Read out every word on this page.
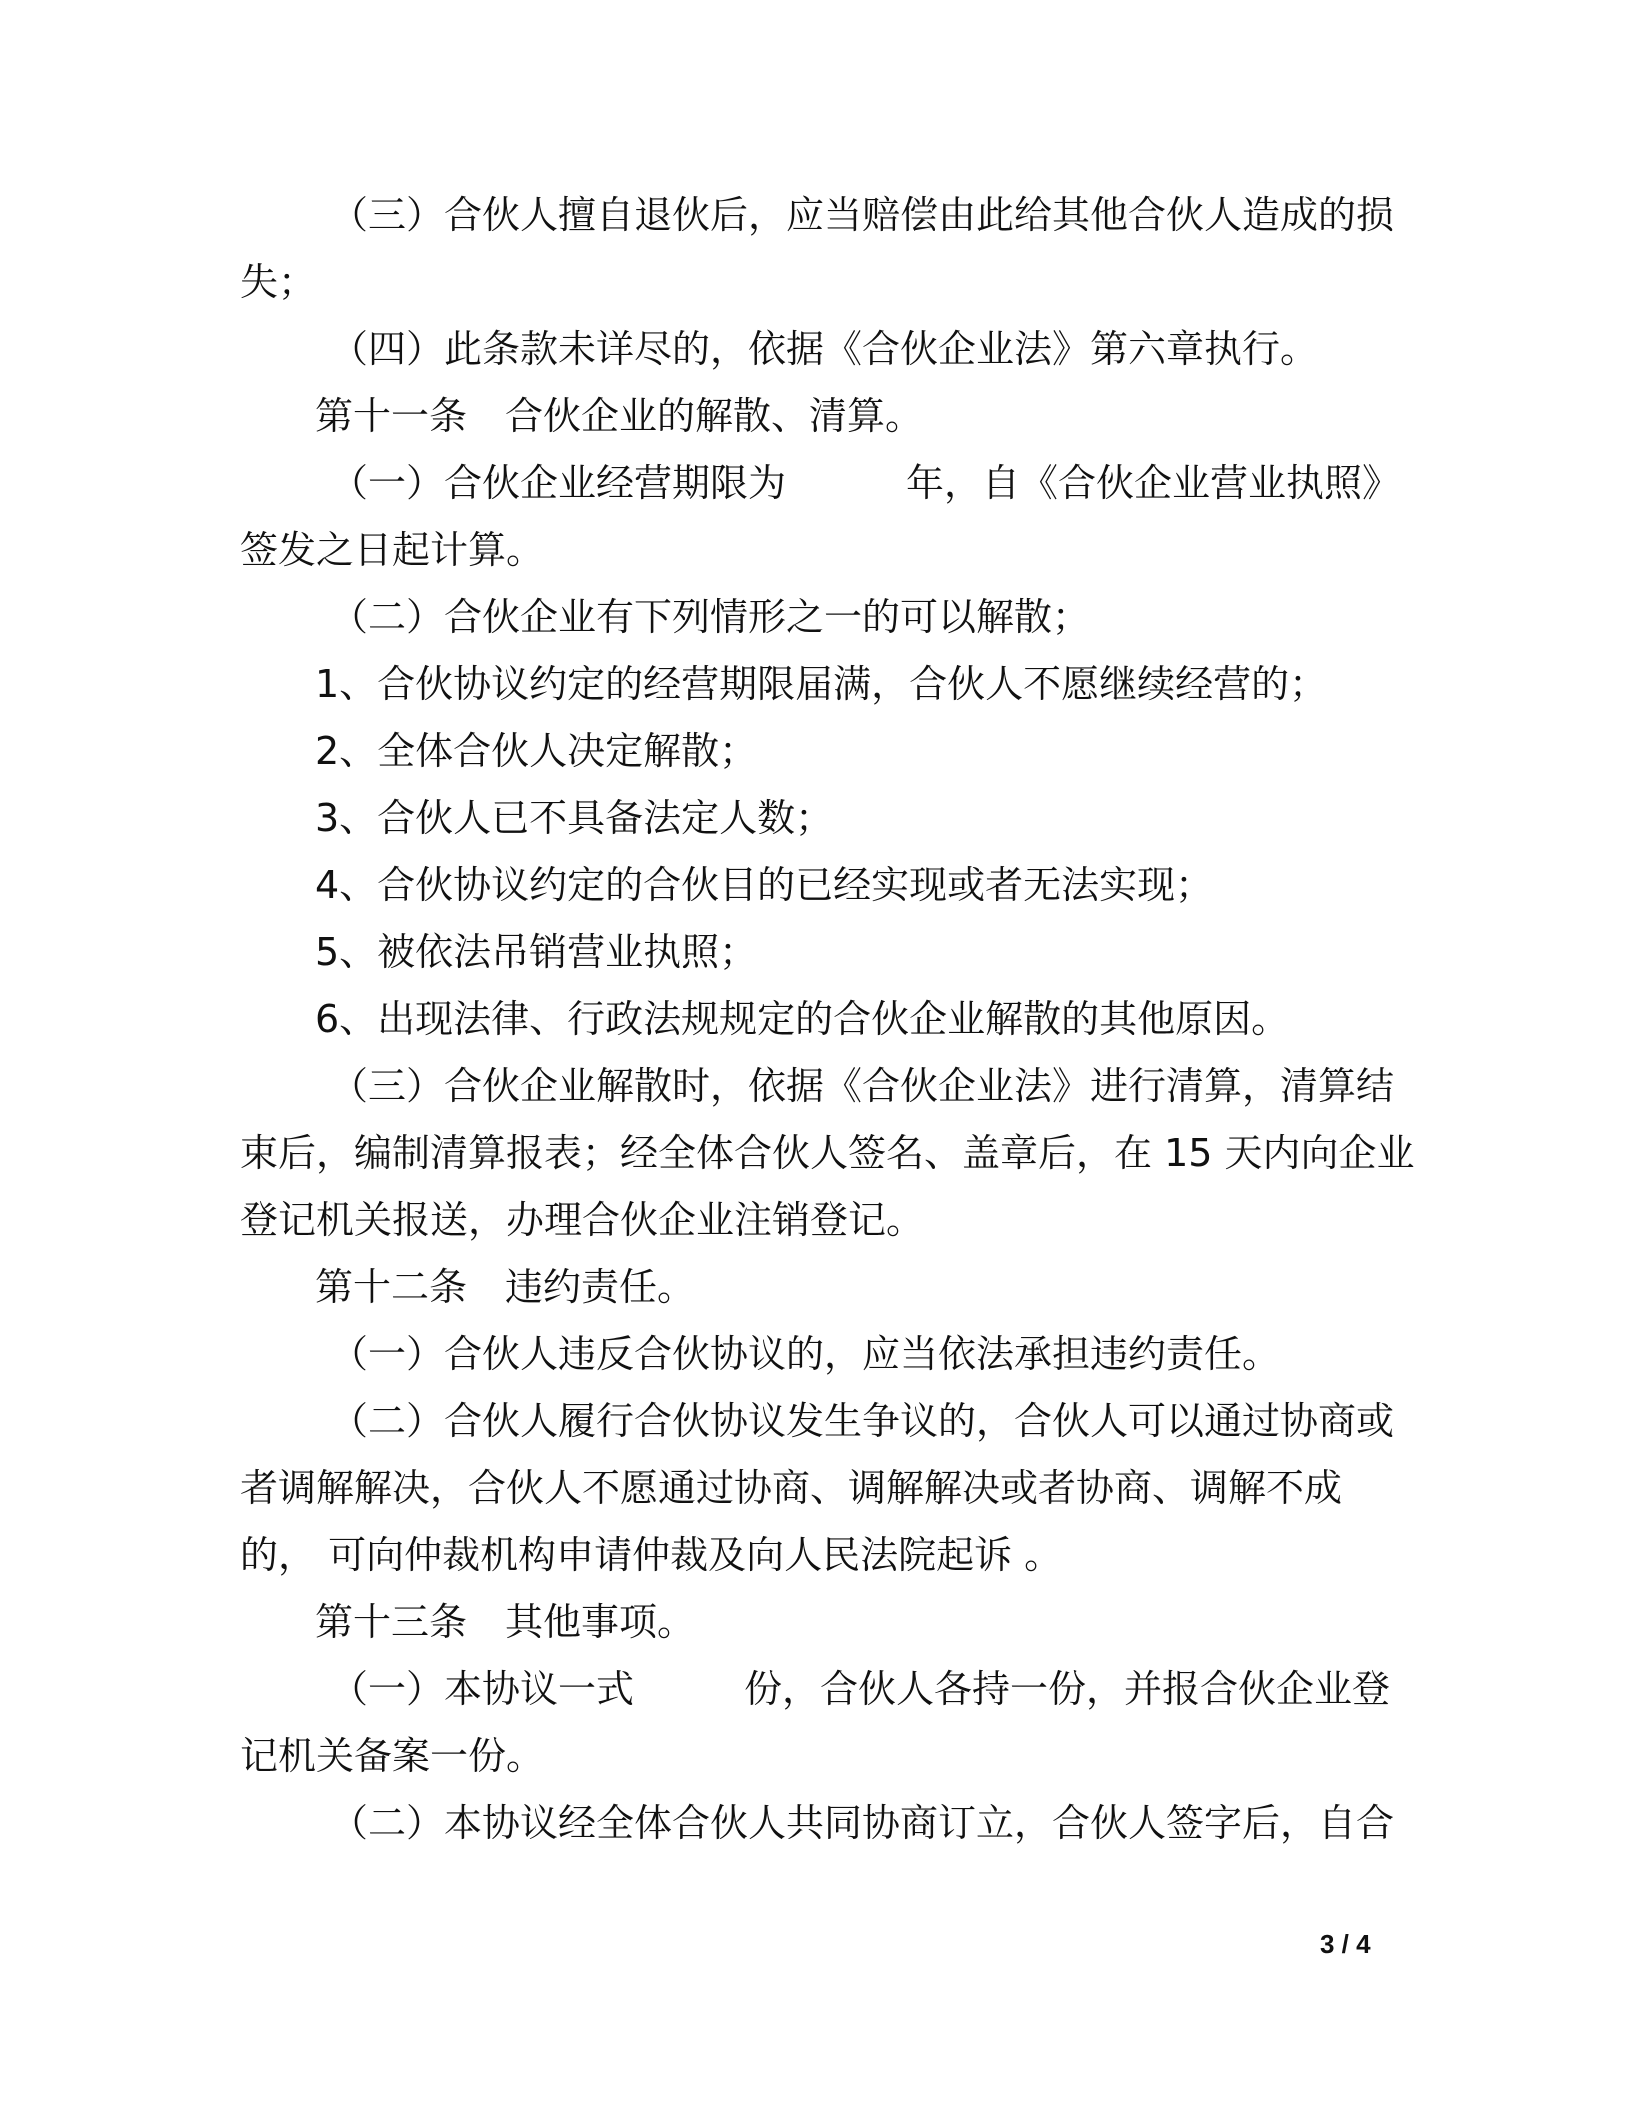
（三）合伙人擅自退伙后，应当赔偿由此给其他合伙人造成的损
失；
（四）此条款未详尽的，依据《合伙企业法》第六章执行。
第十一条 合伙企业的解散、清算。
（一）合伙企业经营期限为	年，自《合伙企业营业执照》
签发之日起计算。
（二）合伙企业有下列情形之一的可以解散；
1、合伙协议约定的经营期限届满，合伙人不愿继续经营的；
2、全体合伙人决定解散；
3、合伙人已不具备法定人数；
4、合伙协议约定的合伙目的已经实现或者无法实现；
5、被依法吊销营业执照；
6、出现法律、行政法规规定的合伙企业解散的其他原因。
（三）合伙企业解散时，依据《合伙企业法》进行清算，清算结
束后，编制清算报表；经全体合伙人签名、盖章后，在 15 天内向企业
登记机关报送，办理合伙企业注销登记。
第十二条 违约责任。
（一）合伙人违反合伙协议的，应当依法承担违约责任。
（二）合伙人履行合伙协议发生争议的，合伙人可以通过协商或
者调解解决，合伙人不愿通过协商、调解解决或者协商、调解不成
的， 可向仲裁机构申请仲裁及向人民法院起诉 。
第十三条 其他事项。
（一）本协议一式	份，合伙人各持一份，并报合伙企业登
记机关备案一份。
（二）本协议经全体合伙人共同协商订立，合伙人签字后，自合
3 / 4
